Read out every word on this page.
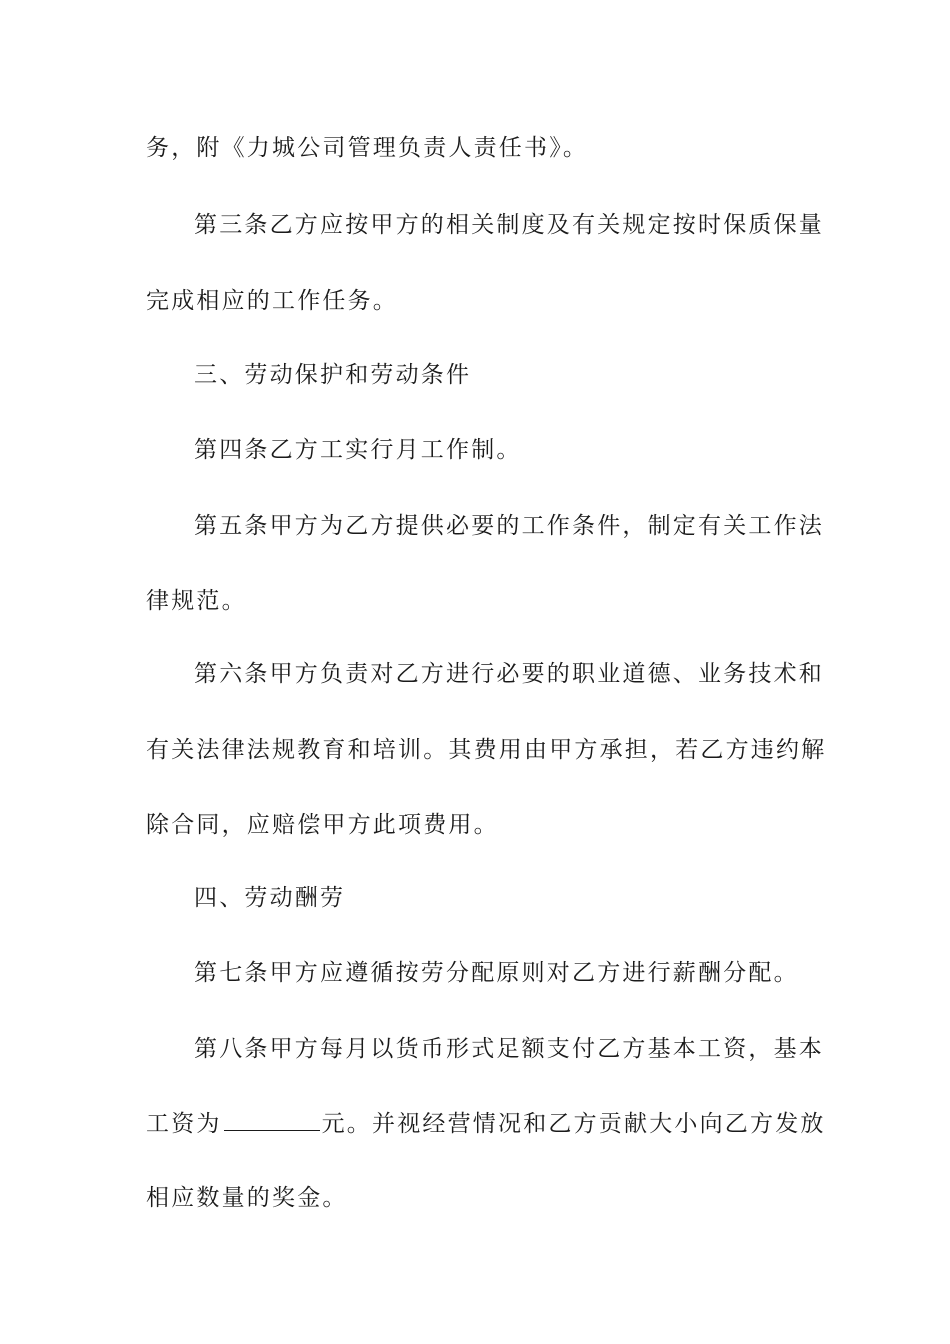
务，附《力城公司管理负责人责任书》。
第三条乙方应按甲方的相关制度及有关规定按时保质保量
完成相应的工作任务。
三、劳动保护和劳动条件
第四条乙方工实行月工作制。
第五条甲方为乙方提供必要的工作条件，制定有关工作法
律规范。
第六条甲方负责对乙方进行必要的职业道德、业务技术和
有关法律法规教育和培训。其费用由甲方承担，若乙方违约解
除合同，应赔偿甲方此项费用。
四、劳动酬劳
第七条甲方应遵循按劳分配原则对乙方进行薪酬分配。
第八条甲方每月以货币形式足额支付乙方基本工资，基本
工资为	元。并视经营情况和乙方贡献大小向乙方发放
相应数量的奖金。
